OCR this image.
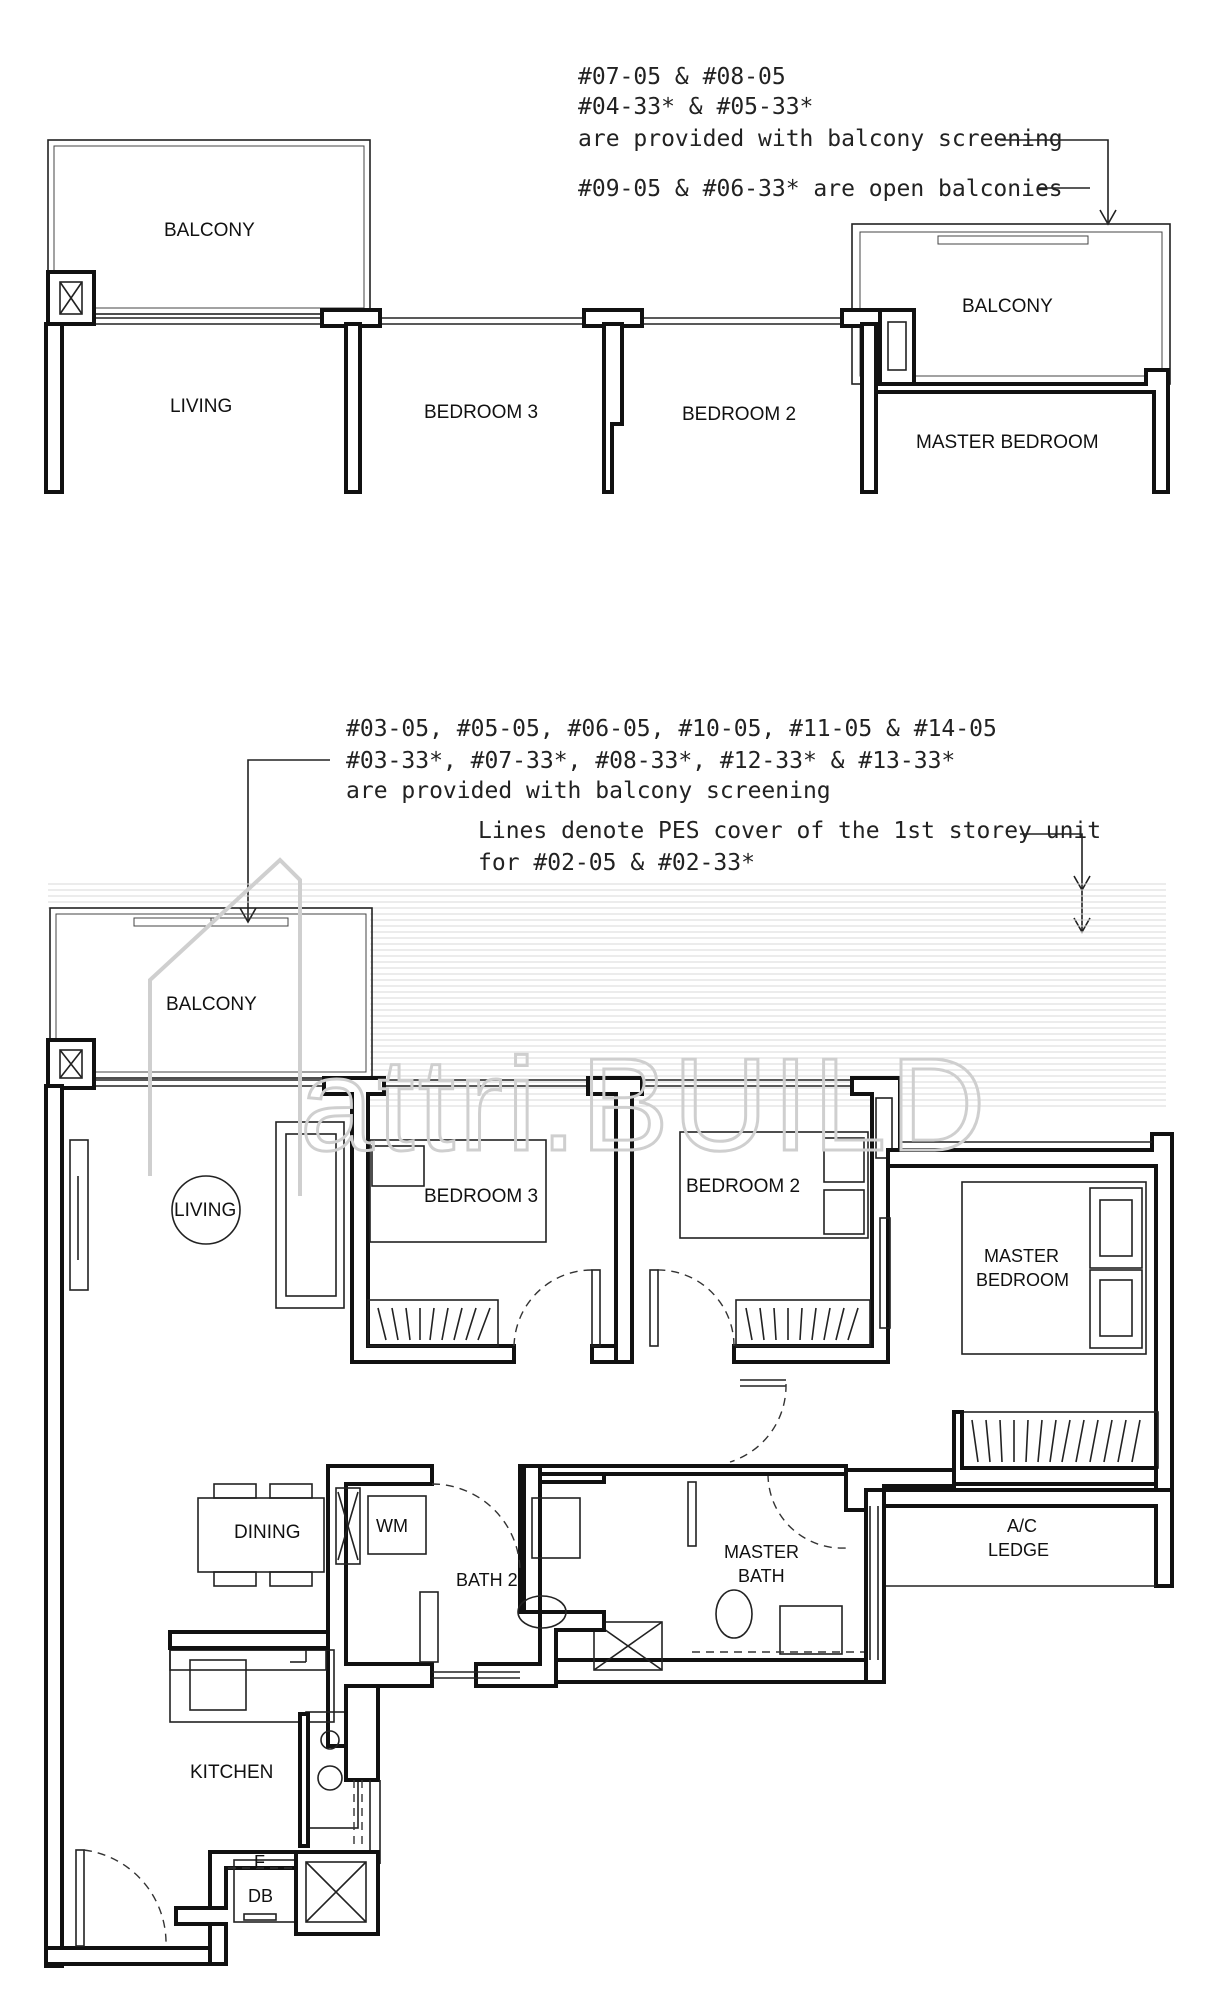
#07-05 & #08-05
#04-33* & #05-33*
are provided with balcony screening
#09-05 & #06-33* are open balconies
BALCONY
BALCONY
LIVING	BEDROOM 3	BEDROOM 2
MASTER BEDROOM
#03-05, #05-05, #06-05, #10-05, #11-05 & #14-05
#03-33*, #07-33*, #08-33*, #12-33* & #13-33*
are provided with balcony screening
Lines denote PES cover of the 1st storey unit
for #02-05 & #02-33*
BALCONY
BEDROOM 3	BEDROOM 2
MASTER
BEDROOM
A/C
LEDGE
MASTER
BATH
WM
BATH 2
DINING
LIVING
KITCHEN
F
DB
attri.BUILD
